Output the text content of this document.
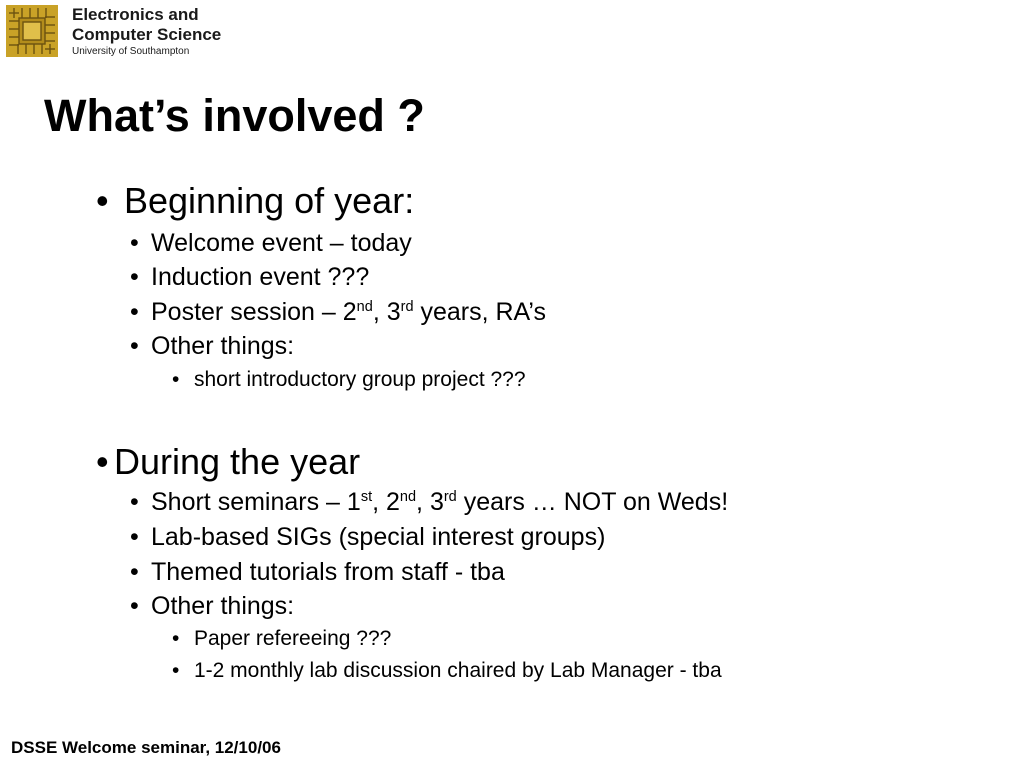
Electronics and
Computer Science
University of Southampton
What’s involved ?
• Beginning of year:
• Welcome event – today
• Induction event ???
• Poster session – 2nd, 3rd years, RA’s
• Other things:
• short introductory group project ???
• During the year
• Short seminars – 1st, 2nd, 3rd years … NOT on Weds!
• Lab-based SIGs (special interest groups)
• Themed tutorials from staff - tba
• Other things:
• Paper refereeing ???
• 1-2 monthly lab discussion chaired by Lab Manager - tba
DSSE Welcome seminar, 12/10/06
